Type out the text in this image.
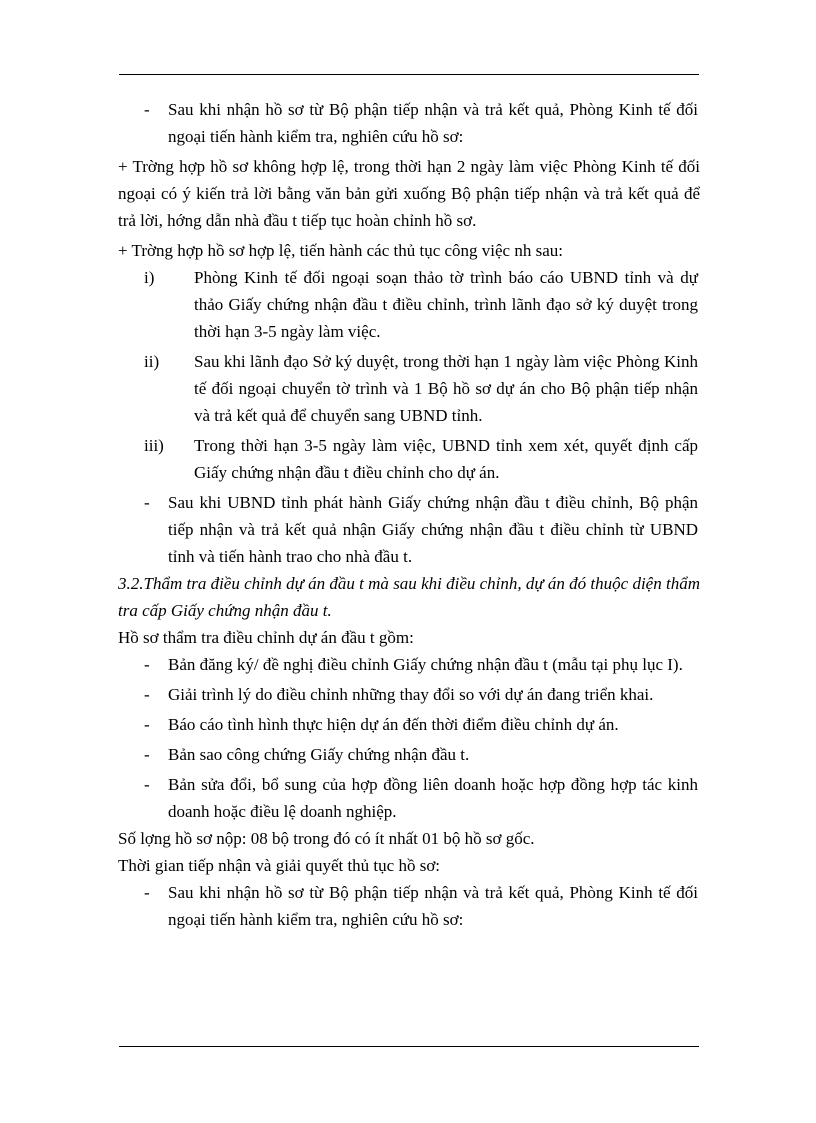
- Sau khi nhận hồ sơ từ Bộ phận tiếp nhận và trả kết quả, Phòng Kinh tế đối ngoại tiến hành kiểm tra, nghiên cứu hồ sơ:

+ Trờng hợp hồ sơ không hợp lệ, trong thời hạn 2 ngày làm việc Phòng Kinh tế đối ngoại có ý kiến trả lời bằng văn bản gửi xuống Bộ phận tiếp nhận và trả kết quả để trả lời, hớng dẫn nhà đầu t tiếp tục hoàn chỉnh hồ sơ.

+ Trờng hợp hồ sơ hợp lệ, tiến hành các thủ tục công việc nh sau:

i) Phòng Kinh tế đối ngoại soạn thảo tờ trình báo cáo UBND tỉnh và dự thảo Giấy chứng nhận đầu t điều chỉnh, trình lãnh đạo sở ký duyệt trong thời hạn 3-5 ngày làm việc.

ii) Sau khi lãnh đạo Sở ký duyệt, trong thời hạn 1 ngày làm việc Phòng Kinh tế đối ngoại chuyển tờ trình và 1 Bộ hồ sơ dự án cho Bộ phận tiếp nhận và trả kết quả để chuyển sang UBND tỉnh.

iii) Trong thời hạn 3-5 ngày làm việc, UBND tỉnh xem xét, quyết định cấp Giấy chứng nhận đầu t điều chỉnh cho dự án.

- Sau khi UBND tỉnh phát hành Giấy chứng nhận đầu t điều chỉnh, Bộ phận tiếp nhận và trả kết quả nhận Giấy chứng nhận đầu t điều chỉnh từ UBND tỉnh và tiến hành trao cho nhà đầu t.

3.2.Thẩm tra điều chỉnh dự án đầu t mà sau khi điều chỉnh, dự án đó thuộc diện thẩm tra cấp Giấy chứng nhận đầu t.

Hồ sơ thẩm tra điều chỉnh dự án đầu t gồm:

- Bản đăng ký/ đề nghị điều chỉnh Giấy chứng nhận đầu t (mẫu tại phụ lục I).

- Giải trình lý do điều chỉnh những thay đổi so với dự án đang triển khai.

- Báo cáo tình hình thực hiện dự án đến thời điểm điều chỉnh dự án.

- Bản sao công chứng Giấy chứng nhận đầu t.

- Bản sửa đổi, bổ sung của hợp đồng liên doanh hoặc hợp đồng hợp tác kinh doanh hoặc điều lệ doanh nghiệp.

Số lợng hồ sơ nộp: 08 bộ trong đó có ít nhất 01 bộ hồ sơ gốc.

Thời gian tiếp nhận và giải quyết thủ tục hồ sơ:

- Sau khi nhận hồ sơ từ Bộ phận tiếp nhận và trả kết quả, Phòng Kinh tế đối ngoại tiến hành kiểm tra, nghiên cứu hồ sơ:
